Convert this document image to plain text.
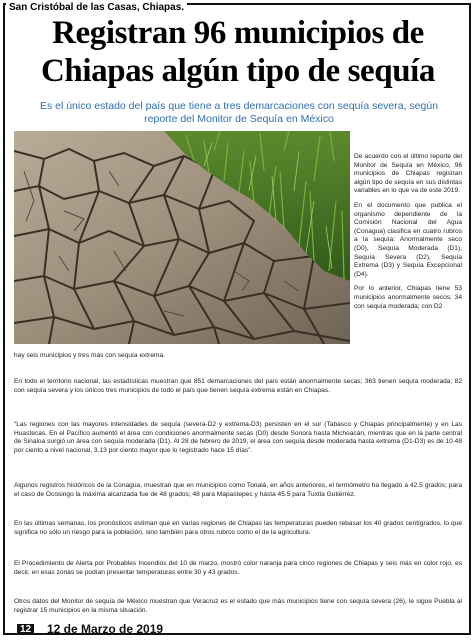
San Cristóbal de las Casas, Chiapas.
Registran 96 municipios de
Chiapas algún tipo de sequía
Es el único estado del país que tiene a tres demarcaciones con sequía severa, según reporte del Monitor de Sequía en México

De acuerdo con el último reporte del Monitor de Sequía en México, 96 municipios de Chiapas registran algún tipo de sequía en sus distintas variables en lo que va de este 2019.

En el documento que publica el organismo dependiente de la Comisión Nacional del Agua (Conagua) clasifica en cuatro rubros a la sequía: Anormalmente seco (D0), Sequía Moderada (D1), Sequía Severa (D2), Sequía Extrema (D3) y Sequía Excepcional (D4).

Por lo anterior, Chiapas tiene 53 municipios anormalmente secos; 34 con sequía moderada; con D2

hay seis municipios y tres más con sequía extrema.

En todo el territorio nacional, las estadísticas muestran que 851 demarcaciones del país están anormalmente secas; 363 tienen sequía moderada; 82 con sequía severa y los únicos tres municipios de todo el país que tienen sequía extrema están en Chiapas.

“Las regiones con las mayores intensidades de sequía (severa-D2 y extrema-D3) persisten en el sur (Tabasco y Chiapas principalmente) y en Las Huastecas. En el Pacífico aumentó el área con condiciones anormalmente secas (D0) desde Sonora hasta Michoacán, mientras que en la parte central de Sinaloa surgió un área con sequía moderada (D1). Al 28 de febrero de 2019, el área con sequía desde moderada hasta extrema (D1-D3) es de 10.48 por ciento a nivel nacional, 3.13 por ciento mayor que lo registrado hace 15 días”.

Algunos registros históricos de la Conagua, muestran que en municipios como Tonalá, en años anteriores, el termómetro ha llegado a 42.5 grados; para el caso de Ocosingo la máxima alcanzada fue de 48 grados; 48 para Mapastepec y hasta 45.5 para Tuxtla Gutiérrez.

En las últimas semanas, los pronósticos estiman que en varias regiones de Chiapas las temperaturas pueden rebasar los 40 grados centígrados, lo que significa no sólo un riesgo para la población, sino también para otros rubros como el de la agricultura.

El Procedimiento de Alerta por Probables Incendios del 10 de marzo, mostró color naranja para cinco regiones de Chiapas y seis más en color rojo, es decir, en esas zonas se podían presentar temperaturas entre 30 y 43 grados.

Otros datos del Monitor de sequía de México muestran que Veracruz es el estado que más municipios tiene con sequía severa (26), le sigue Puebla al registrar 15 municipios en la misma situación.

12 12 de Marzo de 2019
